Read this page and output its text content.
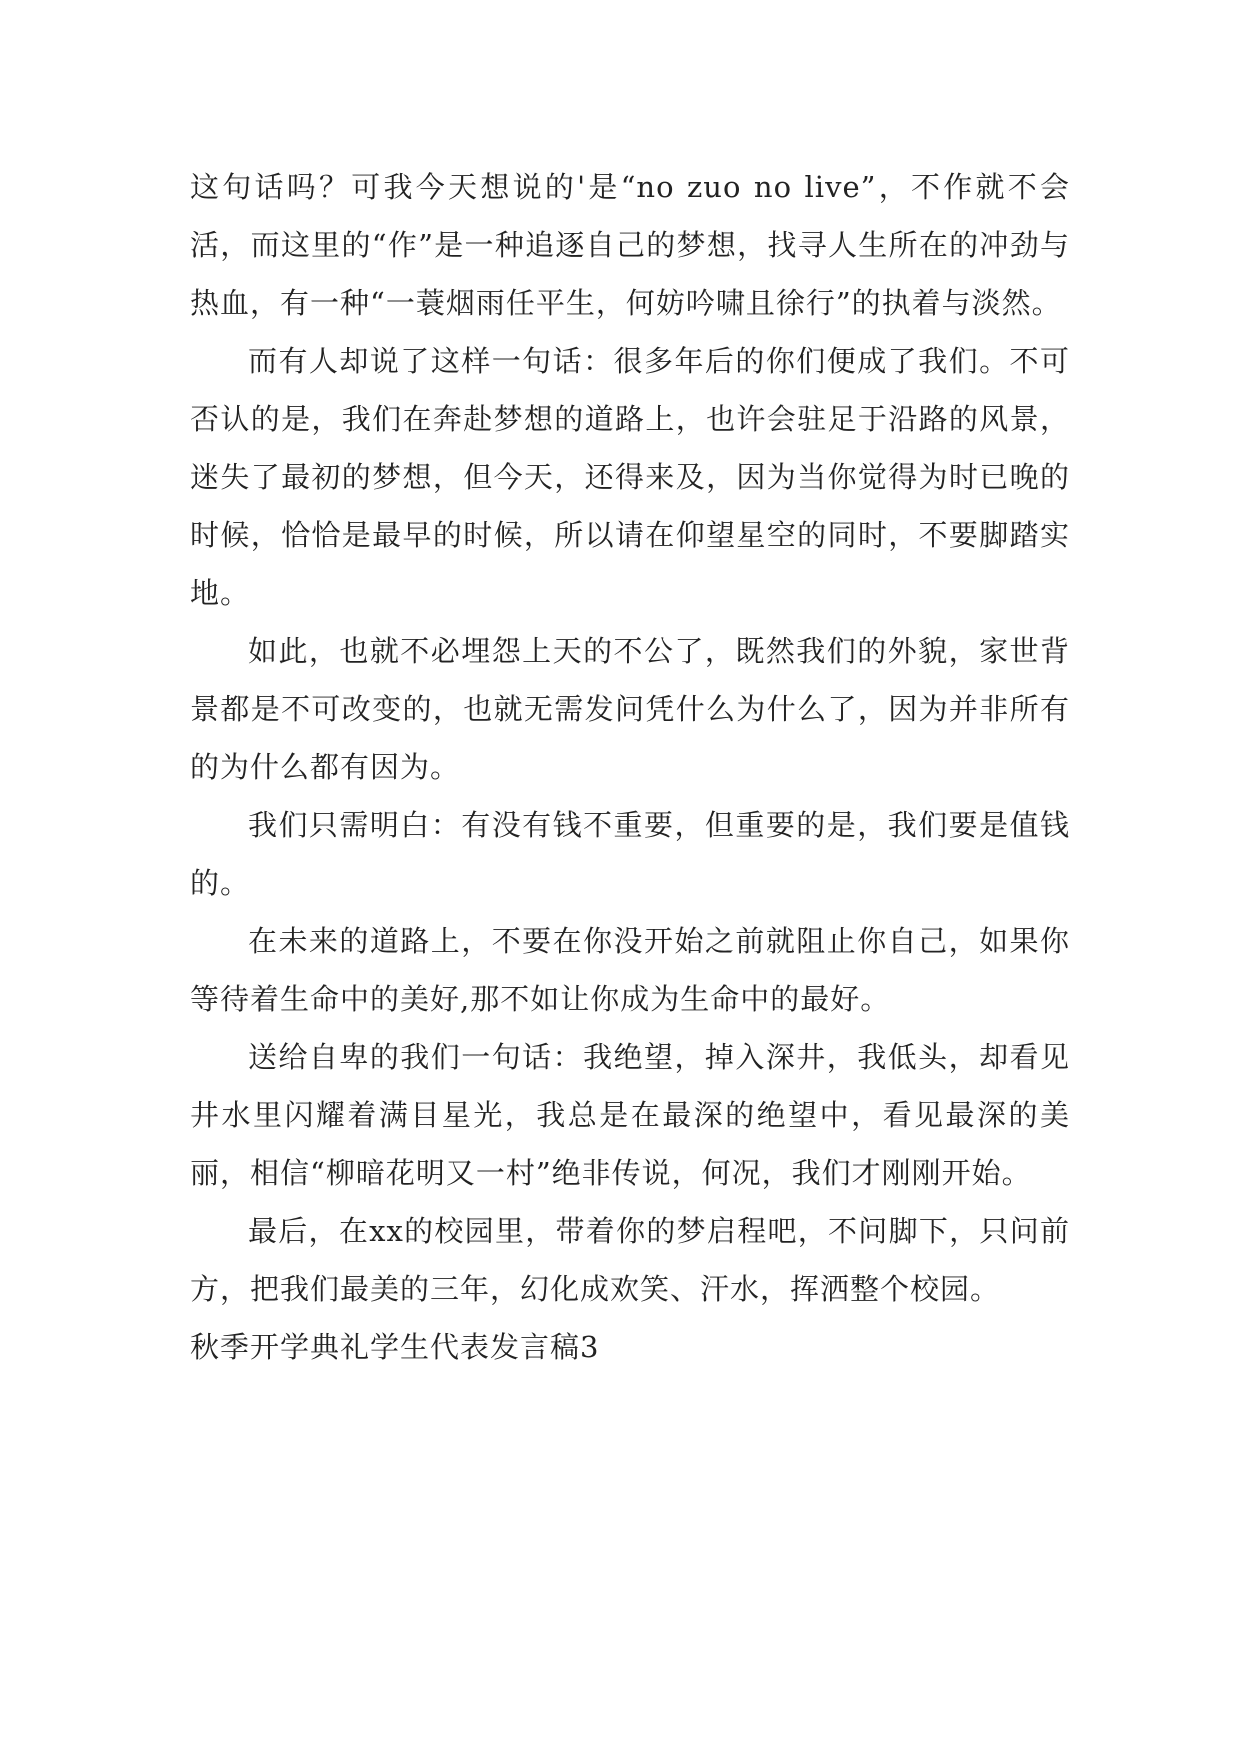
这句话吗？可我今天想说的'是“no zuo no live”，不作就不会活，而这里的“作”是一种追逐自己的梦想，找寻人生所在的冲劲与热血，有一种“一蓑烟雨任平生，何妨吟啸且徐行”的执着与淡然。

而有人却说了这样一句话：很多年后的你们便成了我们。不可否认的是，我们在奔赴梦想的道路上，也许会驻足于沿路的风景，迷失了最初的梦想，但今天，还得来及，因为当你觉得为时已晚的时候，恰恰是最早的时候，所以请在仰望星空的同时，不要脚踏实地。

如此，也就不必埋怨上天的不公了，既然我们的外貌，家世背景都是不可改变的，也就无需发问凭什么为什么了，因为并非所有的为什么都有因为。

我们只需明白：有没有钱不重要，但重要的是，我们要是值钱的。

在未来的道路上，不要在你没开始之前就阻止你自己，如果你等待着生命中的美好,那不如让你成为生命中的最好。

送给自卑的我们一句话：我绝望，掉入深井，我低头，却看见井水里闪耀着满目星光，我总是在最深的绝望中，看见最深的美丽，相信“柳暗花明又一村”绝非传说，何况，我们才刚刚开始。

最后，在xx的校园里，带着你的梦启程吧，不问脚下，只问前方，把我们最美的三年，幻化成欢笑、汗水，挥洒整个校园。

秋季开学典礼学生代表发言稿3
